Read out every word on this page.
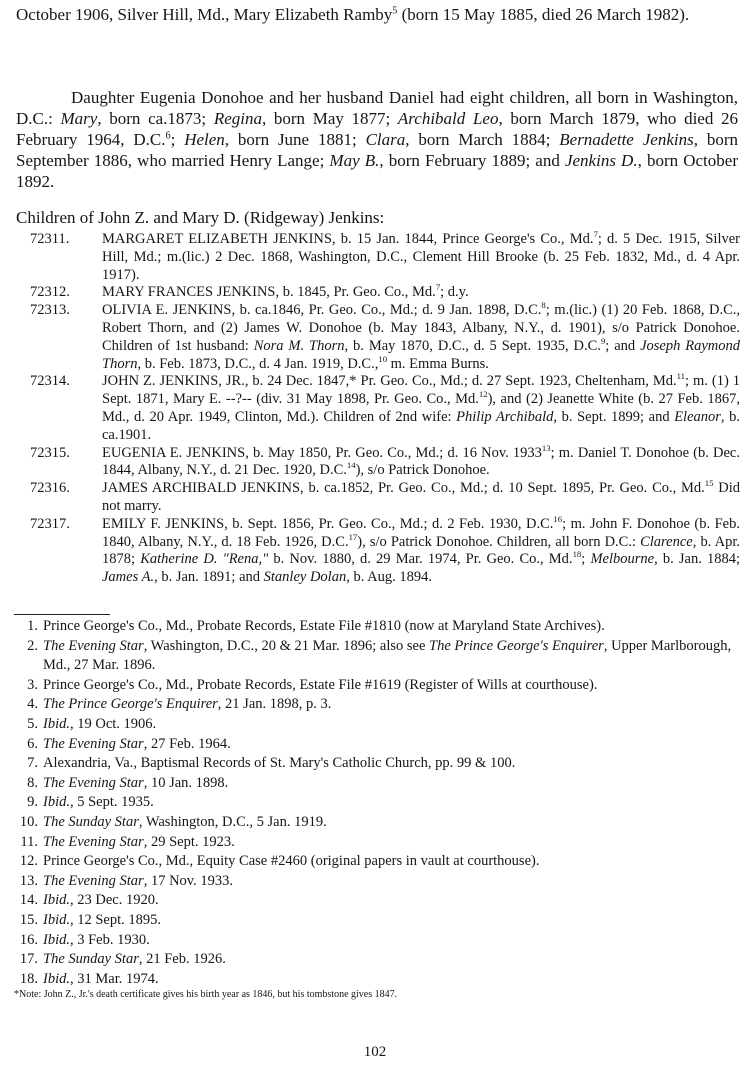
October 1906, Silver Hill, Md., Mary Elizabeth Ramby$^5$ (born 15 May 1885, died 26 March 1982).

Daughter Eugenia Donohoe and her husband Daniel had eight children, all born in Washington, D.C.: Mary, born ca.1873; Regina, born May 1877; Archibald Leo, born March 1879, who died 26 February 1964, D.C.$^6$; Helen, born June 1881; Clara, born March 1884; Bernadette Jenkins, born September 1886, who married Henry Lange; May B., born February 1889; and Jenkins D., born October 1892.

Children of John Z. and Mary D. (Ridgeway) Jenkins:

72311.	MARGARET ELIZABETH JENKINS, b. 15 Jan. 1844, Prince George's Co., Md.$^7$; d. 5 Dec. 1915, Silver Hill, Md.; m.(lic.) 2 Dec. 1868, Washington, D.C., Clement Hill Brooke (b. 25 Feb. 1832, Md., d. 4 Apr. 1917).
72312.	MARY FRANCES JENKINS, b. 1845, Pr. Geo. Co., Md.$^7$; d.y.
72313.	OLIVIA E. JENKINS, b. ca.1846, Pr. Geo. Co., Md.; d. 9 Jan. 1898, D.C.$^8$; m.(lic.) (1) 20 Feb. 1868, D.C., Robert Thorn, and (2) James W. Donohoe (b. May 1843, Albany, N.Y., d. 1901), s/o Patrick Donohoe. Children of 1st husband: Nora M. Thorn, b. May 1870, D.C., d. 5 Sept. 1935, D.C.$^9$; and Joseph Raymond Thorn, b. Feb. 1873, D.C., d. 4 Jan. 1919, D.C.,$^{10}$ m. Emma Burns.
72314.	JOHN Z. JENKINS, JR., b. 24 Dec. 1847,* Pr. Geo. Co., Md.; d. 27 Sept. 1923, Cheltenham, Md.$^{11}$; m. (1) 1 Sept. 1871, Mary E. --?-- (div. 31 May 1898, Pr. Geo. Co., Md.$^{12}$), and (2) Jeanette White (b. 27 Feb. 1867, Md., d. 20 Apr. 1949, Clinton, Md.). Children of 2nd wife: Philip Archibald, b. Sept. 1899; and Eleanor, b. ca.1901.
72315.	EUGENIA E. JENKINS, b. May 1850, Pr. Geo. Co., Md.; d. 16 Nov. 1933$^{13}$; m. Daniel T. Donohoe (b. Dec. 1844, Albany, N.Y., d. 21 Dec. 1920, D.C.$^{14}$), s/o Patrick Donohoe.
72316.	JAMES ARCHIBALD JENKINS, b. ca.1852, Pr. Geo. Co., Md.; d. 10 Sept. 1895, Pr. Geo. Co., Md.$^{15}$ Did not marry.
72317.	EMILY F. JENKINS, b. Sept. 1856, Pr. Geo. Co., Md.; d. 2 Feb. 1930, D.C.$^{16}$; m. John F. Donohoe (b. Feb. 1840, Albany, N.Y., d. 18 Feb. 1926, D.C.$^{17}$), s/o Patrick Donohoe. Children, all born D.C.: Clarence, b. Apr. 1878; Katherine D. "Rena," b. Nov. 1880, d. 29 Mar. 1974, Pr. Geo. Co., Md.$^{18}$; Melbourne, b. Jan. 1884; James A., b. Jan. 1891; and Stanley Dolan, b. Aug. 1894.
1. Prince George's Co., Md., Probate Records, Estate File #1810 (now at Maryland State Archives).
2. The Evening Star, Washington, D.C., 20 & 21 Mar. 1896; also see The Prince George's Enquirer, Upper Marlborough, Md., 27 Mar. 1896.
3. Prince George's Co., Md., Probate Records, Estate File #1619 (Register of Wills at courthouse).
4. The Prince George's Enquirer, 21 Jan. 1898, p. 3.
5. Ibid., 19 Oct. 1906.
6. The Evening Star, 27 Feb. 1964.
7. Alexandria, Va., Baptismal Records of St. Mary's Catholic Church, pp. 99 & 100.
8. The Evening Star, 10 Jan. 1898.
9. Ibid., 5 Sept. 1935.
10. The Sunday Star, Washington, D.C., 5 Jan. 1919.
11. The Evening Star, 29 Sept. 1923.
12. Prince George's Co., Md., Equity Case #2460 (original papers in vault at courthouse).
13. The Evening Star, 17 Nov. 1933.
14. Ibid., 23 Dec. 1920.
15. Ibid., 12 Sept. 1895.
16. Ibid., 3 Feb. 1930.
17. The Sunday Star, 21 Feb. 1926.
18. Ibid., 31 Mar. 1974.

*Note: John Z., Jr.'s death certificate gives his birth year as 1846, but his tombstone gives 1847.

102
